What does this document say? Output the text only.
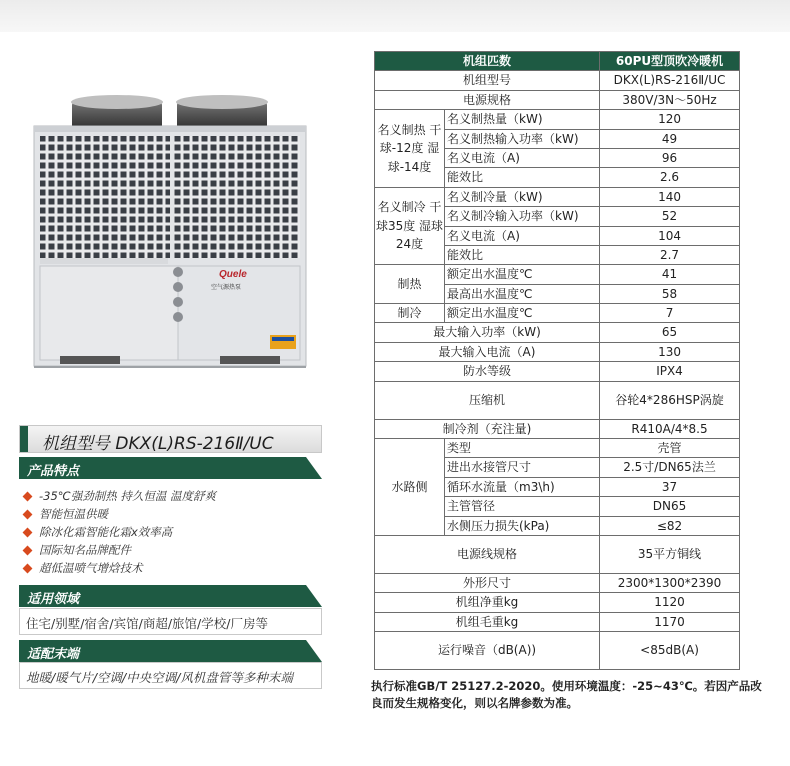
Quele
空气源热泵
机组型号 DKX(L)RS-216Ⅱ/UC
产品特点
-35℃强劲制热 持久恒温 温度舒爽
智能恒温供暖
除冰化霜智能化霜x效率高
国际知名品牌配件
超低温喷气增焓技术
适用领域
住宅/别墅/宿舍/宾馆/商超/旅馆/学校/厂房等
适配末端
地暖/暖气片/空调/中央空调/风机盘管等多种末端
机组匹数		60PU型顶吹冷暖机
机组型号		DKX(L)RS-216Ⅱ/UC
电源规格		380V/3N～50Hz
名义制热 干球-12度 湿球-14度	名义制热量（kW)	120
	名义制热输入功率（kW)	49
	名义电流（A)	96
	能效比	2.6
名义制冷 干球35度 湿球24度	名义制冷量（kW)	140
	名义制冷输入功率（kW)	52
	名义电流（A)	104
	能效比	2.7
制热	额定出水温度℃	41
	最高出水温度℃	58
制冷	额定出水温度℃	7
最大输入功率（kW)		65
最大输入电流（A)		130
防水等级		IPX4
压缩机		谷轮4*286HSP涡旋
制冷剂（充注量)		R410A/4*8.5
水路侧	类型	壳管
	进出水接管尺寸	2.5寸/DN65法兰
	循环水流量（m3\h)	37
	主管管径	DN65
	水侧压力损失(kPa)	≤82
电源线规格		35平方铜线
外形尺寸		2300*1300*2390
机组净重kg		1120
机组毛重kg		1170
运行噪音（dB(A))		<85dB(A)
执行标准GB/T 25127.2-2020。使用环境温度：-25~43℃。若因产品改良而发生规格变化，则以名牌参数为准。
